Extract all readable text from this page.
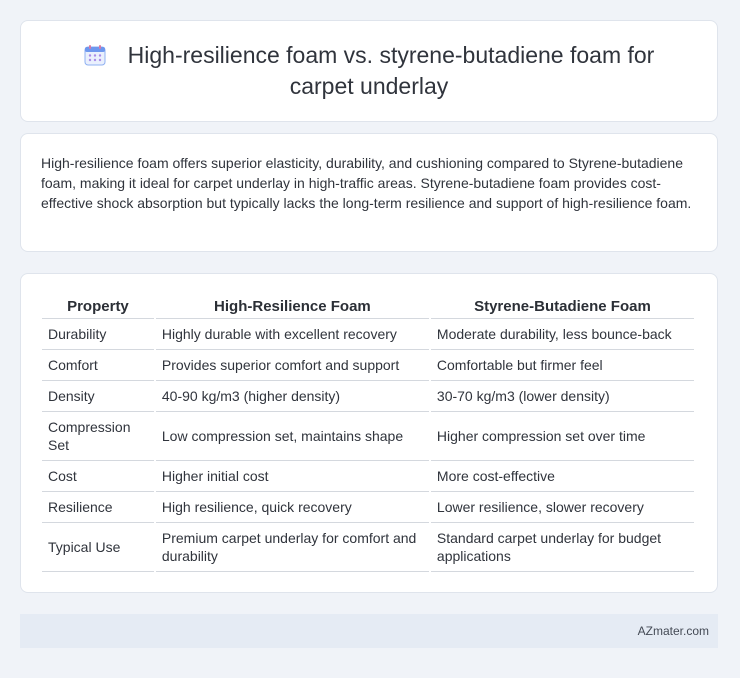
High-resilience foam vs. styrene-butadiene foam for carpet underlay

High-resilience foam offers superior elasticity, durability, and cushioning compared to Styrene-butadiene foam, making it ideal for carpet underlay in high-traffic areas. Styrene-butadiene foam provides cost-effective shock absorption but typically lacks the long-term resilience and support of high-resilience foam.

Property	High-Resilience Foam	Styrene-Butadiene Foam
Durability	Highly durable with excellent recovery	Moderate durability, less bounce-back
Comfort	Provides superior comfort and support	Comfortable but firmer feel
Density	40-90 kg/m3 (higher density)	30-70 kg/m3 (lower density)
Compression Set	Low compression set, maintains shape	Higher compression set over time
Cost	Higher initial cost	More cost-effective
Resilience	High resilience, quick recovery	Lower resilience, slower recovery
Typical Use	Premium carpet underlay for comfort and durability	Standard carpet underlay for budget applications
AZmater.com
